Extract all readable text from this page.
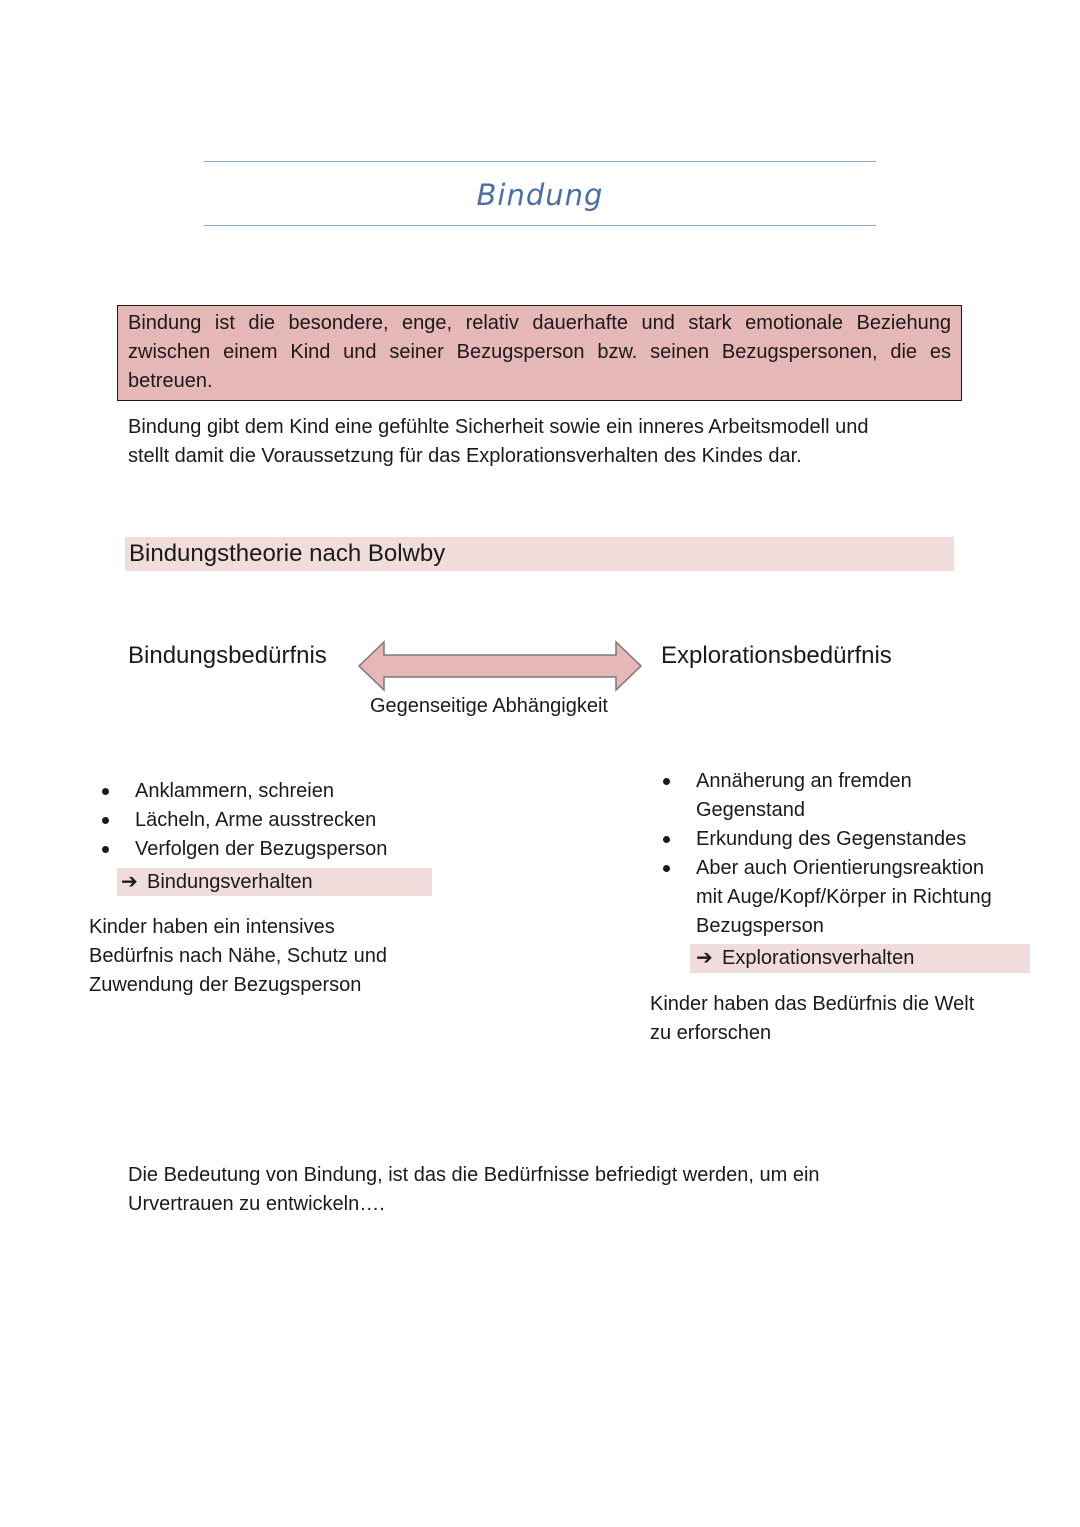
Bindung
Bindung ist die besondere, enge, relativ dauerhafte und stark emotionale Beziehung zwischen einem Kind und seiner Bezugsperson bzw. seinen Bezugspersonen, die es betreuen.
Bindung gibt dem Kind eine gefühlte Sicherheit sowie ein inneres Arbeitsmodell und
stellt damit die Voraussetzung für das Explorationsverhalten des Kindes dar.
Bindungstheorie nach Bolwby
Bindungsbedürfnis	Explorationsbedürfnis
Gegenseitige Abhängigkeit
Anklammern, schreien
Lächeln, Arme ausstrecken
Verfolgen der Bezugsperson
➔ Bindungsverhalten
Kinder haben ein intensives
Bedürfnis nach Nähe, Schutz und
Zuwendung der Bezugsperson
Annäherung an fremden
Gegenstand
Erkundung des Gegenstandes
Aber auch Orientierungsreaktion
mit Auge/Kopf/Körper in Richtung
Bezugsperson
➔ Explorationsverhalten
Kinder haben das Bedürfnis die Welt
zu erforschen
Die Bedeutung von Bindung, ist das die Bedürfnisse befriedigt werden, um ein
Urvertrauen zu entwickeln….
